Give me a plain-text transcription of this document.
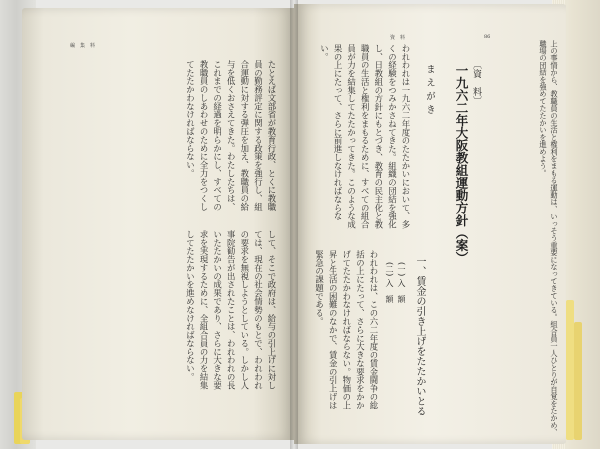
編　集　料
たとえば文部省が教育行政、とくに教職員の勤務評定に関する政策を強行し、組合運動に対する弾圧を加え、教職員の給与を低くおさえてきた。わたしたちは、これまでの経過を明らかにし、すべての教職員のしあわせのために全力をつくしてたたかわなければならない。
して、そこで政府は、給与の引上げに対しては、現在の社会情勢のもとで、われわれの要求を無視しようとしている。しかし人事院勧告が出されたことは、われわれの長いたたかいの成果であり、さらに大きな要求を実現するために、全組合員の力を結集してたたかいを進めなければならない。
86
資　料
〔資　料〕
一九六二年大阪教組運動方針（案）
まえがき
われわれは一九六二年度のたたかいにおいて、多くの経験をつみかさねてきた。組織の団結を強化し、日教組の方針にもとづき、教育の民主化と教職員の生活と権利をまもるために、すべての組合員が力を結集してたたかってきた。このような成果の上にたって、さらに前進しなければならない。
一、賃金の引き上げをたたかいとる
(一) 入　額
(二) 入　額
われわれは、この六二年度の賃金闘争の総括の上にたって、さらに大きな要求をかかげてたたかわなければならない。物価の上昇と生活の困難のなかで、賃金の引上げは緊急の課題である。	上の事情から、教職員の生活と権利をまもる運動は、いっそう重要になってきている。組合員一人ひとりが自覚をたかめ、職場の団結を強めてたたかいを進めよう。
